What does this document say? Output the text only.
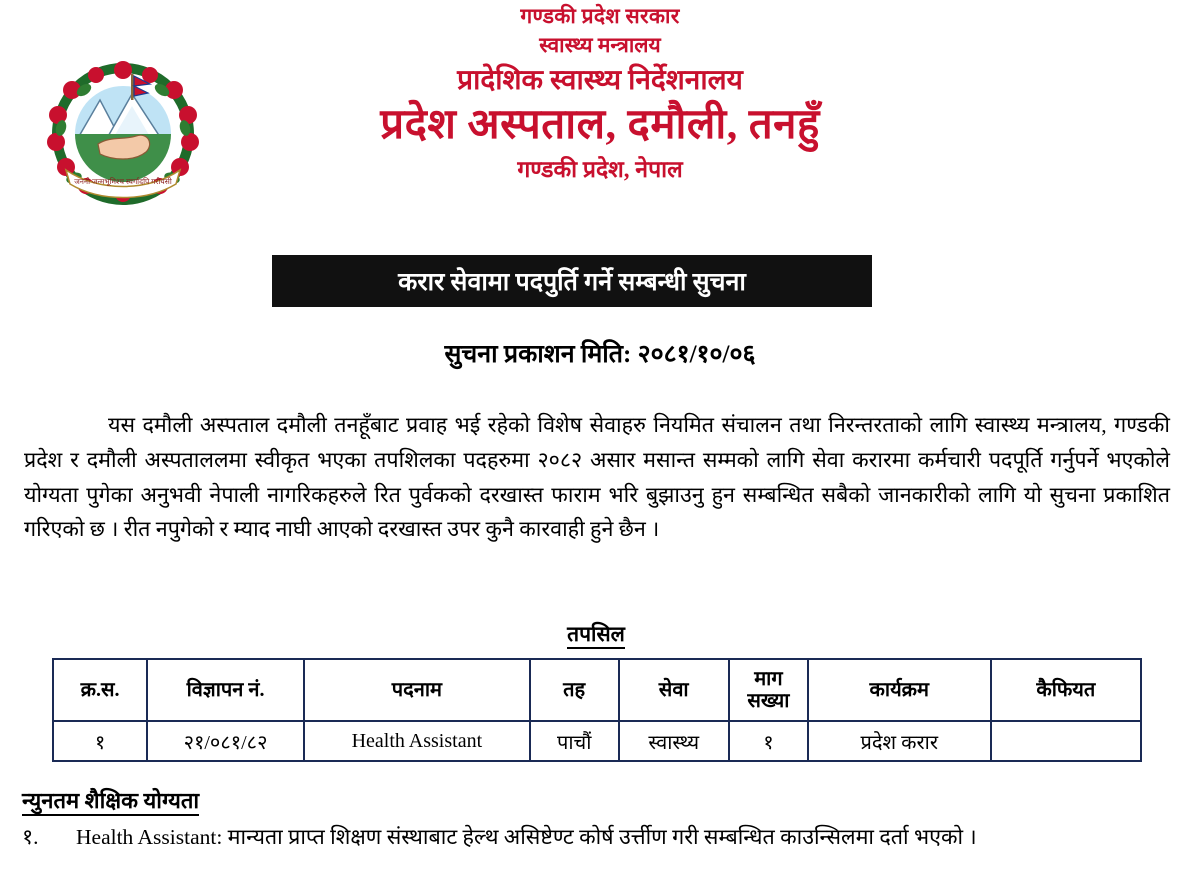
जननी जन्मभूमिश्च स्वर्गादपि गरीयसी
गण्डकी प्रदेश सरकार
स्वास्थ्य मन्त्रालय
प्रादेशिक स्वास्थ्य निर्देशनालय
प्रदेश अस्पताल, दमौली, तनहुँ
गण्डकी प्रदेश, नेपाल
करार सेवामा पदपुर्ति गर्ने सम्बन्धी सुचना
सुचना प्रकाशन मिति: २०८१/१०/०६
यस दमौली अस्पताल दमौली तनहूँबाट प्रवाह भई रहेको विशेष सेवाहरु नियमित संचालन तथा निरन्तरताको लागि स्वास्थ्य मन्त्रालय, गण्डकी प्रदेश र दमौली अस्पताललमा स्वीकृत भएका तपशिलका पदहरुमा २०८२ असार मसान्त सम्मको लागि सेवा करारमा कर्मचारी पदपूर्ति गर्नुपर्ने भएकोले योग्यता पुगेका अनुभवी नेपाली नागरिकहरुले रित पुर्वकको दरखास्त फाराम भरि बुझाउनु हुन सम्बन्धित सबैको जानकारीको लागि यो सुचना प्रकाशित गरिएको छ । रीत नपुगेको र म्याद नाघी आएको दरखास्त उपर कुनै कारवाही हुने छैन ।
तपसिल
क्र.स.	विज्ञापन नं.	पदनाम	तह	सेवा	माग सख्या	कार्यक्रम	कैफियत
१	२१/०८१/८२	Health Assistant	पाचौं	स्वास्थ्य	१	प्रदेश करार	
न्युनतम शैक्षिक योग्यता
१.	Health Assistant: मान्यता प्राप्त शिक्षण संस्थाबाट हेल्थ असिष्टेण्ट कोर्ष उर्त्तीण गरी सम्बन्धित काउन्सिलमा दर्ता भएको ।
